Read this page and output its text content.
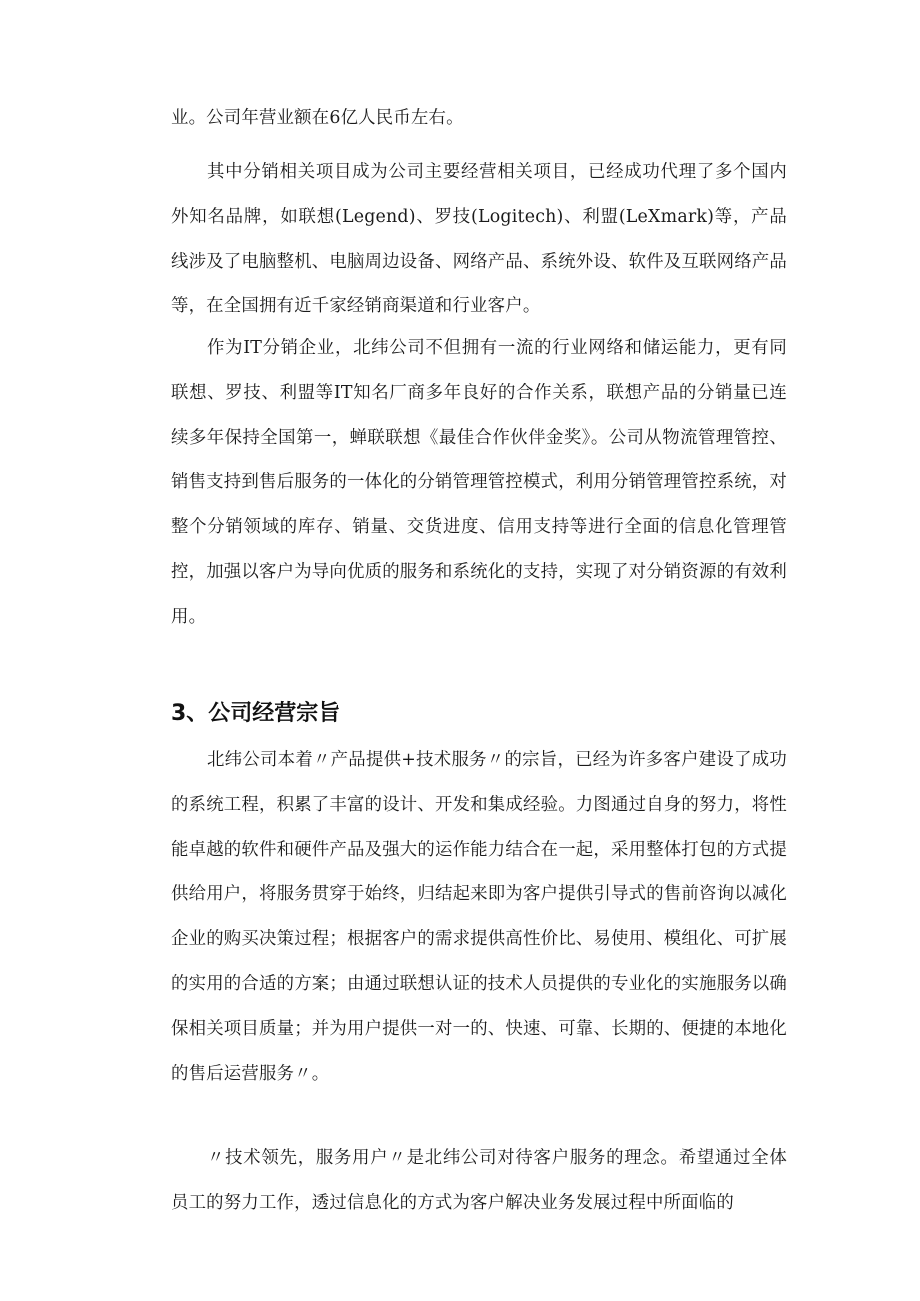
业。公司年营业额在6亿人民币左右。

其中分销相关项目成为公司主要经营相关项目，已经成功代理了多个国内外知名品牌，如联想(Legend)、罗技(Logitech)、利盟(LeXmark)等，产品线涉及了电脑整机、电脑周边设备、网络产品、系统外设、软件及互联网络产品等，在全国拥有近千家经销商渠道和行业客户。

作为IT分销企业，北纬公司不但拥有一流的行业网络和储运能力，更有同联想、罗技、利盟等IT知名厂商多年良好的合作关系，联想产品的分销量已连续多年保持全国第一，蝉联联想《最佳合作伙伴金奖》。公司从物流管理管控、销售支持到售后服务的一体化的分销管理管控模式，利用分销管理管控系统，对整个分销领域的库存、销量、交货进度、信用支持等进行全面的信息化管理管控，加强以客户为导向优质的服务和系统化的支持，实现了对分销资源的有效利用。

3、公司经营宗旨

北纬公司本着〃产品提供+技术服务〃的宗旨，已经为许多客户建设了成功的系统工程，积累了丰富的设计、开发和集成经验。力图通过自身的努力，将性能卓越的软件和硬件产品及强大的运作能力结合在一起，采用整体打包的方式提供给用户，将服务贯穿于始终，归结起来即为客户提供引导式的售前咨询以减化企业的购买决策过程；根据客户的需求提供高性价比、易使用、模组化、可扩展的实用的合适的方案；由通过联想认证的技术人员提供的专业化的实施服务以确保相关项目质量；并为用户提供一对一的、快速、可靠、长期的、便捷的本地化的售后运营服务〃。

〃技术领先，服务用户〃是北纬公司对待客户服务的理念。希望通过全体员工的努力工作，透过信息化的方式为客户解决业务发展过程中所面临的
